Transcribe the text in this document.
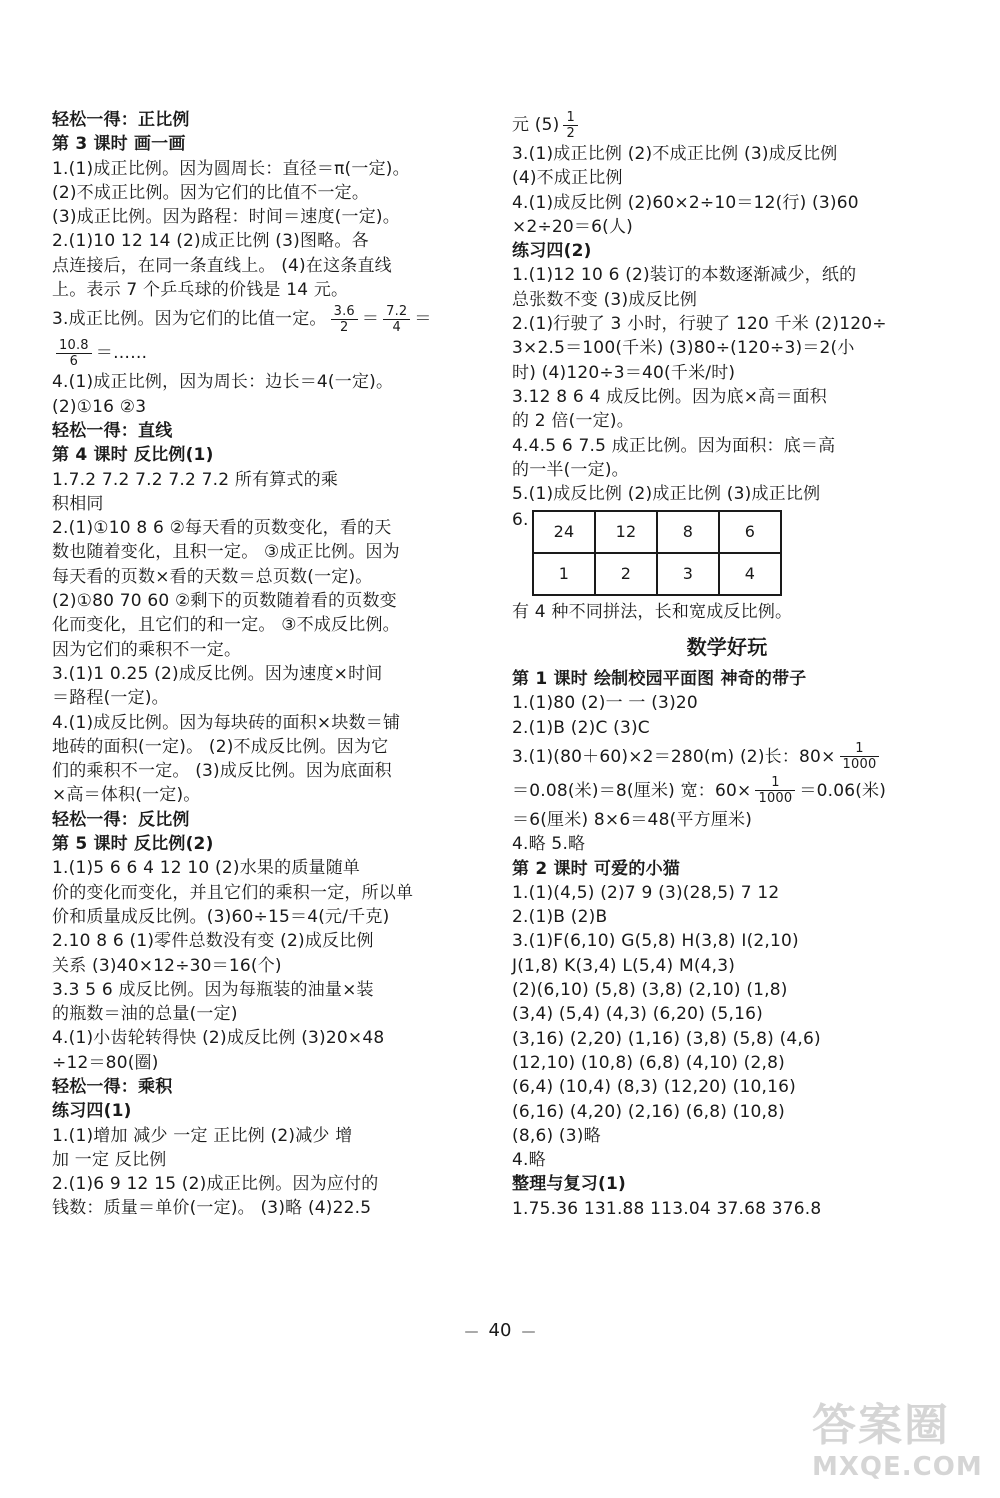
轻松一得：正比例
第 3 课时 画一画
1.(1)成正比例。因为圆周长：直径＝π(一定)。
(2)不成正比例。因为它们的比值不一定。
(3)成正比例。因为路程：时间＝速度(一定)。
2.(1)10 12 14 (2)成正比例 (3)图略。各
点连接后，在同一条直线上。 (4)在这条直线
上。表示 7 个乒乓球的价钱是 14 元。
3.成正比例。因为它们的比值一定。 $\frac{3.6}{2} = \frac{7.2}{4}$ ＝
$\frac{10.8}{6}$ ＝……
4.(1)成正比例，因为周长：边长＝4(一定)。
(2)①16 ②3
轻松一得：直线
第 4 课时 反比例(1)
1.7.2 7.2 7.2 7.2 7.2 所有算式的乘
积相同
2.(1)①10 8 6 ②每天看的页数变化，看的天
数也随着变化，且积一定。 ③成正比例。因为
每天看的页数×看的天数＝总页数(一定)。
(2)①80 70 60 ②剩下的页数随着看的页数变
化而变化，且它们的和一定。 ③不成反比例。
因为它们的乘积不一定。
3.(1)1 0.25 (2)成反比例。因为速度×时间
＝路程(一定)。
4.(1)成反比例。因为每块砖的面积×块数＝铺
地砖的面积(一定)。 (2)不成反比例。因为它
们的乘积不一定。 (3)成反比例。因为底面积
×高＝体积(一定)。
轻松一得：反比例
第 5 课时 反比例(2)
1.(1)5 6 6 4 12 10 (2)水果的质量随单
价的变化而变化，并且它们的乘积一定，所以单
价和质量成反比例。(3)60÷15＝4(元/千克)
2.10 8 6 (1)零件总数没有变 (2)成反比例
关系 (3)40×12÷30＝16(个)
3.3 5 6 成反比例。因为每瓶装的油量×装
的瓶数＝油的总量(一定)
4.(1)小齿轮转得快 (2)成反比例 (3)20×48
÷12＝80(圈)
轻松一得：乘积
练习四(1)
1.(1)增加 减少 一定 正比例 (2)减少 增
加 一定 反比例
2.(1)6 9 12 15 (2)成正比例。因为应付的
钱数：质量＝单价(一定)。 (3)略 (4)22.5
元 $(5) \frac{1}{2}$
3.(1)成正比例 (2)不成正比例 (3)成反比例
(4)不成正比例
4.(1)成反比例 (2)60×2÷10＝12(行) (3)60
×2÷20＝6(人)
练习四(2)
1.(1)12 10 6 (2)装订的本数逐渐减少，纸的
总张数不变 (3)成反比例
2.(1)行驶了 3 小时，行驶了 120 千米 (2)120÷
3×2.5＝100(千米) (3)80÷(120÷3)＝2(小
时) (4)120÷3＝40(千米/时)
3.12 8 6 4 成反比例。因为底×高＝面积
的 2 倍(一定)。
4.4.5 6 7.5 成正比例。因为面积：底＝高
的一半(一定)。
5.(1)成反比例 (2)成正比例 (3)成正比例
6.
24	12	8	6
1	2	3	4
有 4 种不同拼法，长和宽成反比例。
数学好玩
第 1 课时 绘制校园平面图 神奇的带子
1.(1)80 (2)一 一 (3)20
2.(1)B (2)C (3)C
3.(1)(80＋60)×2＝280(m) (2)长：$80\times \frac{1}{1000}$
＝0.08(米)＝8(厘米) 宽：$60\times \frac{1}{1000} =0.06$(米)
＝6(厘米) 8×6＝48(平方厘米)
4.略 5.略
第 2 课时 可爱的小猫
1.(1)(4,5) (2)7 9 (3)(28,5) 7 12
2.(1)B (2)B
3.(1)F(6,10) G(5,8) H(3,8) I(2,10)
J(1,8) K(3,4) L(5,4) M(4,3)
(2)(6,10) (5,8) (3,8) (2,10) (1,8)
(3,4) (5,4) (4,3) (6,20) (5,16)
(3,16) (2,20) (1,16) (3,8) (5,8) (4,6)
(12,10) (10,8) (6,8) (4,10) (2,8)
(6,4) (10,4) (8,3) (12,20) (10,16)
(6,16) (4,20) (2,16) (6,8) (10,8)
(8,6) (3)略
4.略
整理与复习(1)
1.75.36 131.88 113.04 37.68 376.8
— 40 —
答案圈
MXQE.COM
